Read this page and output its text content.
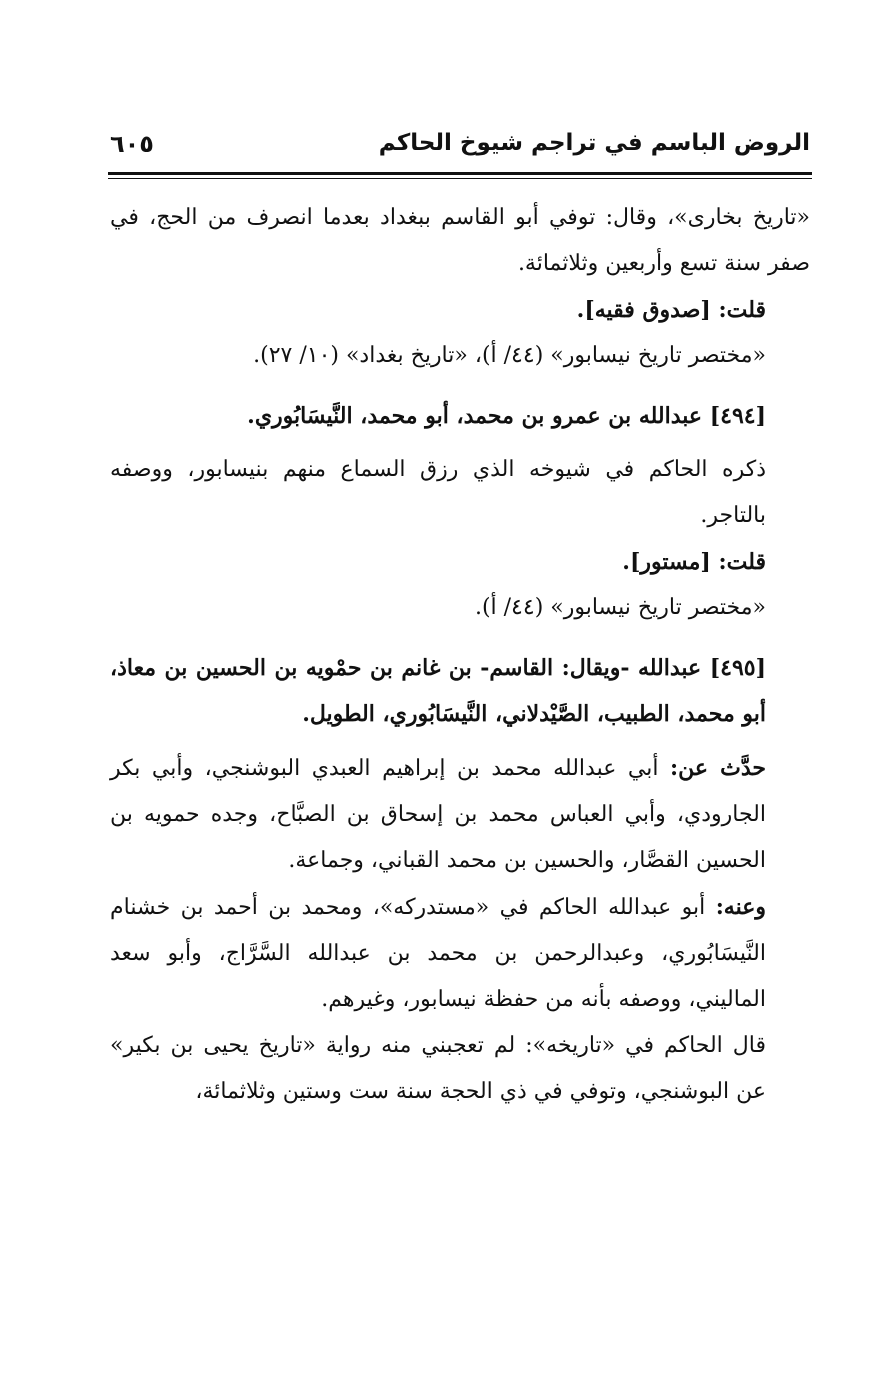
الروض الباسم في تراجم شيوخ الحاكم
٦٠٥

«تاريخ بخارى»، وقال: توفي أبو القاسم ببغداد بعدما انصرف من الحج، في صفر سنة تسع وأربعين وثلاثمائة.

قلت: [صدوق فقيه].

«مختصر تاريخ نيسابور» (٤٤/ أ)، «تاريخ بغداد» (١٠/ ٢٧).

[٤٩٤] عبدالله بن عمرو بن محمد، أبو محمد، النَّيسَابُوري.

ذكره الحاكم في شيوخه الذي رزق السماع منهم بنيسابور، ووصفه بالتاجر.

قلت: [مستور].

«مختصر تاريخ نيسابور» (٤٤/ أ).

[٤٩٥] عبدالله -ويقال: القاسم- بن غانم بن حمْويه بن الحسين بن معاذ، أبو محمد، الطبيب، الصَّيْدلاني، النَّيسَابُوري، الطويل.

حدَّث عن: أبي عبدالله محمد بن إبراهيم العبدي البوشنجي، وأبي بكر الجارودي، وأبي العباس محمد بن إسحاق بن الصبَّاح، وجده حمويه بن الحسين القصَّار، والحسين بن محمد القباني، وجماعة.

وعنه: أبو عبدالله الحاكم في «مستدركه»، ومحمد بن أحمد بن خشنام النَّيسَابُوري، وعبدالرحمن بن محمد بن عبدالله السَّرَّاج، وأبو سعد الماليني، ووصفه بأنه من حفظة نيسابور، وغيرهم.

قال الحاكم في «تاريخه»: لم تعجبني منه رواية «تاريخ يحيى بن بكير» عن البوشنجي، وتوفي في ذي الحجة سنة ست وستين وثلاثمائة،
